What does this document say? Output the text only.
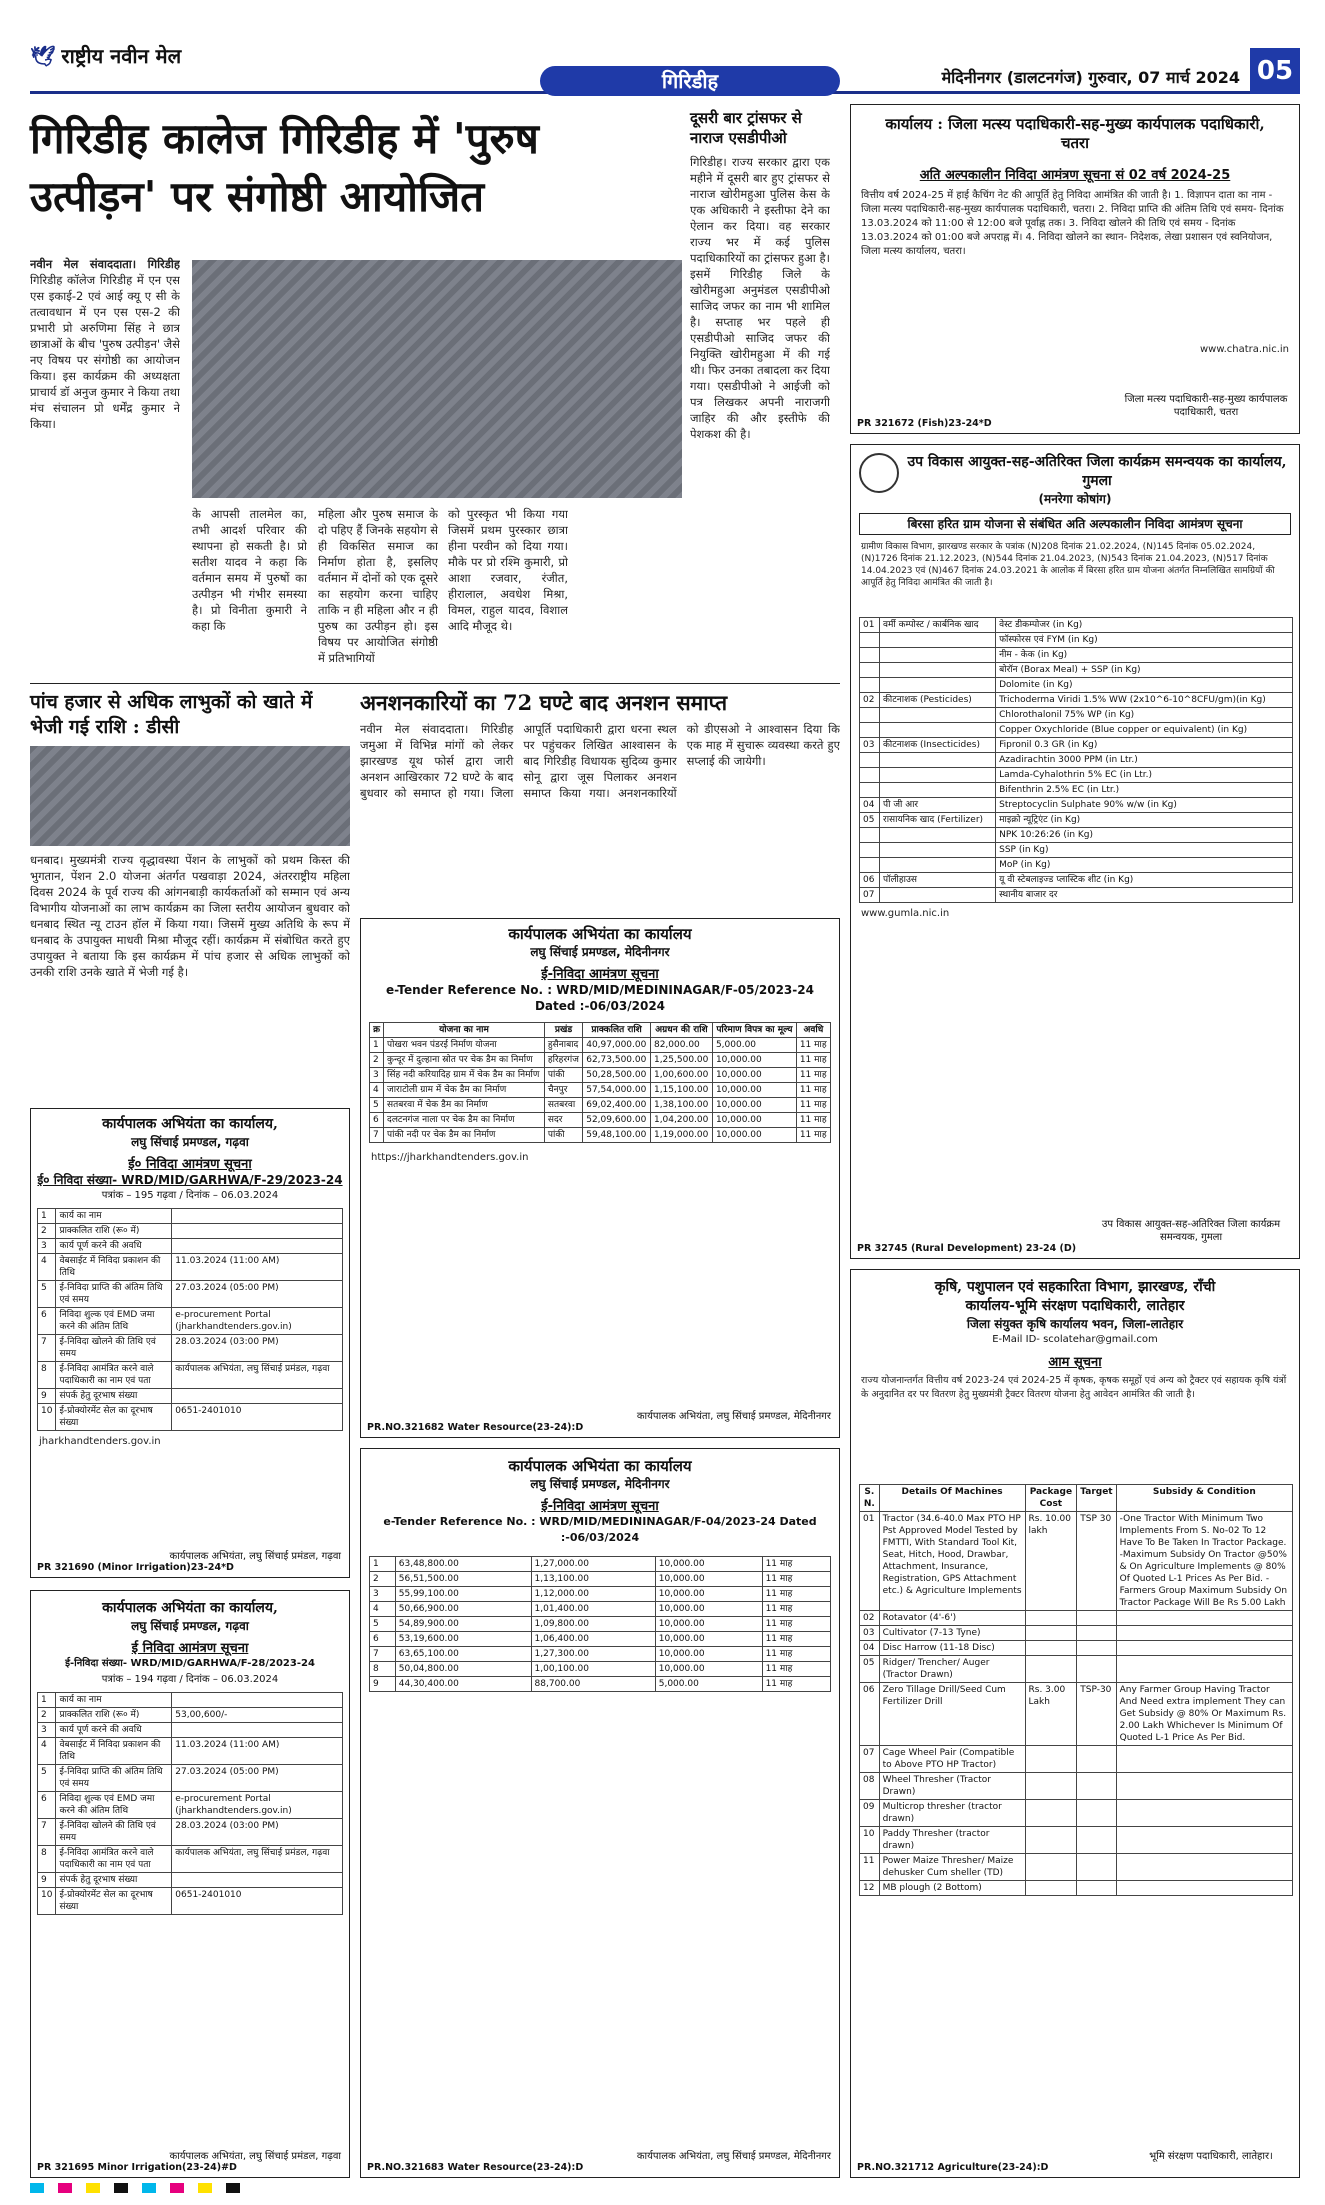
🕊 राष्ट्रीय नवीन मेल
गिरिडीह	मेदिनीनगर (डालटनगंज) गुरुवार, 07 मार्च 2024 05
गिरिडीह कालेज गिरिडीह में 'पुरुष उत्पीड़न' पर संगोष्ठी आयोजित
नवीन मेल संवाददाता। गिरिडीह गिरिडीह कॉलेज गिरिडीह में एन एस एस इकाई-2 एवं आई क्यू ए सी के तत्वावधान में एन एस एस-2 की प्रभारी प्रो अरुणिमा सिंह ने छात्र छात्राओं के बीच 'पुरुष उत्पीड़न' जैसे नए विषय पर संगोष्ठी का आयोजन किया। इस कार्यक्रम की अध्यक्षता प्राचार्य डॉ अनुज कुमार ने किया तथा मंच संचालन प्रो धर्मेंद्र कुमार ने किया।
के आपसी तालमेल का, तभी आदर्श परिवार की स्थापना हो सकती है। प्रो सतीश यादव ने कहा कि वर्तमान समय में पुरुषों का उत्पीड़न भी गंभीर समस्या है। प्रो विनीता कुमारी ने कहा कि
महिला और पुरुष समाज के दो पहिए हैं जिनके सहयोग से ही विकसित समाज का निर्माण होता है, इसलिए वर्तमान में दोनों को एक दूसरे का सहयोग करना चाहिए ताकि न ही महिला और न ही पुरुष का उत्पीड़न हो। इस विषय पर आयोजित संगोष्ठी में प्रतिभागियों
को पुरस्कृत भी किया गया जिसमें प्रथम पुरस्कार छात्रा हीना परवीन को दिया गया। मौके पर प्रो रश्मि कुमारी, प्रो आशा रजवार, रंजीत, हीरालाल, अवधेश मिश्रा, विमल, राहुल यादव, विशाल आदि मौजूद थे।
दूसरी बार ट्रांसफर से नाराज एसडीपीओ
गिरिडीह। राज्य सरकार द्वारा एक महीने में दूसरी बार हुए ट्रांसफर से नाराज खोरीमहुआ पुलिस केस के एक अधिकारी ने इस्तीफा देने का ऐलान कर दिया। वह सरकार राज्य भर में कई पुलिस पदाधिकारियों का ट्रांसफर हुआ है। इसमें गिरिडीह जिले के खोरीमहुआ अनुमंडल एसडीपीओ साजिद जफर का नाम भी शामिल है। सप्ताह भर पहले ही एसडीपीओ साजिद जफर की नियुक्ति खोरीमहुआ में की गई थी। फिर उनका तबादला कर दिया गया। एसडीपीओ ने आईजी को पत्र लिखकर अपनी नाराजगी जाहिर की और इस्तीफे की पेशकश की है।
पांच हजार से अधिक लाभुकों को खाते में भेजी गई राशि : डीसी
धनबाद। मुख्यमंत्री राज्य वृद्धावस्था पेंशन के लाभुकों को प्रथम किस्त की भुगतान, पेंशन 2.0 योजना अंतर्गत पखवाड़ा 2024, अंतरराष्ट्रीय महिला दिवस 2024 के पूर्व राज्य की आंगनबाड़ी कार्यकर्ताओं को सम्मान एवं अन्य विभागीय योजनाओं का लाभ कार्यक्रम का जिला स्तरीय आयोजन बुधवार को धनबाद स्थित न्यू टाउन हॉल में किया गया। जिसमें मुख्य अतिथि के रूप में धनबाद के उपायुक्त माधवी मिश्रा मौजूद रहीं। कार्यक्रम में संबोधित करते हुए उपायुक्त ने बताया कि इस कार्यक्रम में पांच हजार से अधिक लाभुकों को उनकी राशि उनके खाते में भेजी गई है।
अनशनकारियों का 72 घण्टे बाद अनशन समाप्त
नवीन मेल संवाददाता। गिरिडीह जमुआ में विभिन्न मांगों को लेकर झारखण्ड यूथ फोर्स द्वारा जारी अनशन आखिरकार 72 घण्टे के बाद बुधवार को समाप्त हो गया। जिला आपूर्ति पदाधिकारी द्वारा धरना स्थल पर पहुंचकर लिखित आश्वासन के बाद गिरिडीह विधायक सुदिव्य कुमार सोनू द्वारा जूस पिलाकर अनशन समाप्त किया गया। अनशनकारियों को डीएसओ ने आश्वासन दिया कि एक माह में सुचारू व्यवस्था करते हुए सप्लाई की जायेगी।
कार्यपालक अभियंता का कार्यालय,
लघु सिंचाई प्रमण्डल, गढ़वा
ई० निविदा आमंत्रण सूचना
ई० निविदा संख्या- WRD/MID/GARHWA/F-29/2023-24
पत्रांक – 195 गढ़वा / दिनांक – 06.03.2024
1	कार्य का नाम	
2	प्राक्कलित राशि (रू० में)	
3	कार्य पूर्ण करने की अवधि	
4	वेबसाईट में निविदा प्रकाशन की तिथि	11.03.2024 (11:00 AM)
5	ई-निविदा प्राप्ति की अंतिम तिथि एवं समय	27.03.2024 (05:00 PM)
6	निविदा शुल्क एवं EMD जमा करने की अंतिम तिथि	e-procurement Portal (jharkhandtenders.gov.in)
7	ई-निविदा खोलने की तिथि एवं समय	28.03.2024 (03:00 PM)
8	ई-निविदा आमंत्रित करने वाले पदाधिकारी का नाम एवं पता	कार्यपालक अभियंता, लघु सिंचाई प्रमंडल, गढ़वा
9	संपर्क हेतु दूरभाष संख्या	
10	ई-प्रोक्योरमेंट सेल का दूरभाष संख्या	0651-2401010
jharkhandtenders.gov.in
कार्यपालक अभियंता, लघु सिंचाई प्रमंडल, गढ़वा
PR 321690 (Minor Irrigation)23-24*D
कार्यपालक अभियंता का कार्यालय,
लघु सिंचाई प्रमण्डल, गढ़वा
ई निविदा आमंत्रण सूचना
ई-निविदा संख्या- WRD/MID/GARHWA/F-28/2023-24
पत्रांक – 194 गढ़वा / दिनांक – 06.03.2024
1	कार्य का नाम	
2	प्राक्कलित राशि (रू० में)	53,00,600/-
3	कार्य पूर्ण करने की अवधि	
4	वेबसाईट में निविदा प्रकाशन की तिथि	11.03.2024 (11:00 AM)
5	ई-निविदा प्राप्ति की अंतिम तिथि एवं समय	27.03.2024 (05:00 PM)
6	निविदा शुल्क एवं EMD जमा करने की अंतिम तिथि	e-procurement Portal (jharkhandtenders.gov.in)
7	ई-निविदा खोलने की तिथि एवं समय	28.03.2024 (03:00 PM)
8	ई-निविदा आमंत्रित करने वाले पदाधिकारी का नाम एवं पता	कार्यपालक अभियंता, लघु सिंचाई प्रमंडल, गढ़वा
9	संपर्क हेतु दूरभाष संख्या	
10	ई-प्रोक्योरमेंट सेल का दूरभाष संख्या	0651-2401010
कार्यपालक अभियंता, लघु सिंचाई प्रमंडल, गढ़वा
PR 321695 Minor Irrigation(23-24)#D
कार्यपालक अभियंता का कार्यालय
लघु सिंचाई प्रमण्डल, मेदिनीनगर
ई-निविदा आमंत्रण सूचना
e-Tender Reference No. : WRD/MID/MEDININAGAR/F-05/2023-24
Dated :-06/03/2024
क्र	योजना का नाम	प्रखंड	प्राक्कलित राशि	अग्रधन की राशि	परिमाण विपत्र का मूल्य	अवधि
1	पोखरा भवन पंडरई निर्माण योजना	हुसैनाबाद	40,97,000.00	82,000.00	5,000.00	11 माह
2	कुन्दूर में दुल्हाना स्रोत पर चेक डैम का निर्माण	हरिहरगंज	62,73,500.00	1,25,500.00	10,000.00	11 माह
3	सिंह नदी करियादिह ग्राम में चेक डैम का निर्माण	पांकी	50,28,500.00	1,00,600.00	10,000.00	11 माह
4	जाराटोली ग्राम में चेक डैम का निर्माण	चैनपुर	57,54,000.00	1,15,100.00	10,000.00	11 माह
5	सतबरवा में चेक डैम का निर्माण	सतबरवा	69,02,400.00	1,38,100.00	10,000.00	11 माह
6	दलटनगंज नाला पर चेक डैम का निर्माण	सदर	52,09,600.00	1,04,200.00	10,000.00	11 माह
7	पांकी नदी पर चेक डैम का निर्माण	पांकी	59,48,100.00	1,19,000.00	10,000.00	11 माह
https://jharkhandtenders.gov.in
कार्यपालक अभियंता, लघु सिंचाई प्रमण्डल, मेदिनीनगर
PR.NO.321682 Water Resource(23-24):D
कार्यपालक अभियंता का कार्यालय
लघु सिंचाई प्रमण्डल, मेदिनीनगर
ई-निविदा आमंत्रण सूचना
e-Tender Reference No. : WRD/MID/MEDININAGAR/F-04/2023-24 Dated :-06/03/2024
1	63,48,800.00	1,27,000.00	10,000.00	11 माह
2	56,51,500.00	1,13,100.00	10,000.00	11 माह
3	55,99,100.00	1,12,000.00	10,000.00	11 माह
4	50,66,900.00	1,01,400.00	10,000.00	11 माह
5	54,89,900.00	1,09,800.00	10,000.00	11 माह
6	53,19,600.00	1,06,400.00	10,000.00	11 माह
7	63,65,100.00	1,27,300.00	10,000.00	11 माह
8	50,04,800.00	1,00,100.00	10,000.00	11 माह
9	44,30,400.00	88,700.00	5,000.00	11 माह
कार्यपालक अभियंता, लघु सिंचाई प्रमण्डल, मेदिनीनगर
PR.NO.321683 Water Resource(23-24):D
कार्यालय : जिला मत्स्य पदाधिकारी-सह-मुख्य कार्यपालक पदाधिकारी, चतरा
अति अल्पकालीन निविदा आमंत्रण सूचना सं 02 वर्ष 2024-25
वित्तीय वर्ष 2024-25 में हाई कैचिंग नेट की आपूर्ति हेतु निविदा आमंत्रित की जाती है। 1. विज्ञापन दाता का नाम - जिला मत्स्य पदाधिकारी-सह-मुख्य कार्यपालक पदाधिकारी, चतरा। 2. निविदा प्राप्ति की अंतिम तिथि एवं समय- दिनांक 13.03.2024 को 11:00 से 12:00 बजे पूर्वाह्न तक। 3. निविदा खोलने की तिथि एवं समय - दिनांक 13.03.2024 को 01:00 बजे अपराह्न में। 4. निविदा खोलने का स्थान- निदेशक, लेखा प्रशासन एवं स्वनियोजन, जिला मत्स्य कार्यालय, चतरा।
www.chatra.nic.in
जिला मत्स्य पदाधिकारी-सह-मुख्य कार्यपालक पदाधिकारी, चतरा
PR 321672 (Fish)23-24*D
उप विकास आयुक्त-सह-अतिरिक्त जिला कार्यक्रम समन्वयक का कार्यालय, गुमला
(मनरेगा कोषांग)
बिरसा हरित ग्राम योजना से संबंधित अति अल्पकालीन निविदा आमंत्रण सूचना
ग्रामीण विकास विभाग, झारखण्ड सरकार के पत्रांक (N)208 दिनांक 21.02.2024, (N)145 दिनांक 05.02.2024, (N)1726 दिनांक 21.12.2023, (N)544 दिनांक 21.04.2023, (N)543 दिनांक 21.04.2023, (N)517 दिनांक 14.04.2023 एवं (N)467 दिनांक 24.03.2021 के आलोक में बिरसा हरित ग्राम योजना अंतर्गत निम्नलिखित सामग्रियों की आपूर्ति हेतु निविदा आमंत्रित की जाती है।
01	वर्मी कम्पोस्ट / कार्बनिक खाद	वेस्ट डीकम्पोजर (in Kg)
		फॉस्फोरस एवं FYM (in Kg)
		नीम - केक (in Kg)
		बोरॉन (Borax Meal) + SSP (in Kg)
		Dolomite (in Kg)
02	कीटनाशक (Pesticides)	Trichoderma Viridi 1.5% WW (2x10^6-10^8CFU/gm)(in Kg)
		Chlorothalonil 75% WP (in Kg)
		Copper Oxychloride (Blue copper or equivalent) (in Kg)
03	कीटनाशक (Insecticides)	Fipronil 0.3 GR (in Kg)
		Azadirachtin 3000 PPM (in Ltr.)
		Lamda-Cyhalothrin 5% EC (in Ltr.)
		Bifenthrin 2.5% EC (in Ltr.)
04	पी जी आर	Streptocyclin Sulphate 90% w/w (in Kg)
05	रासायनिक खाद (Fertilizer)	माइक्रो न्यूट्रिएंट (in Kg)
		NPK 10:26:26 (in Kg)
		SSP (in Kg)
		MoP (in Kg)
06	पॉलीहाउस	यू वी स्टेबलाइज्ड प्लास्टिक शीट (in Kg)
07		स्थानीय बाजार दर
www.gumla.nic.in
उप विकास आयुक्त-सह-अतिरिक्त जिला कार्यक्रम समन्वयक, गुमला
PR 32745 (Rural Development) 23-24 (D)
कृषि, पशुपालन एवं सहकारिता विभाग, झारखण्ड, राँची
कार्यालय-भूमि संरक्षण पदाधिकारी, लातेहार
जिला संयुक्त कृषि कार्यालय भवन, जिला-लातेहार
E-Mail ID- scolatehar@gmail.com
आम सूचना
राज्य योजनान्तर्गत वित्तीय वर्ष 2023-24 एवं 2024-25 में कृषक, कृषक समूहों एवं अन्य को ट्रैक्टर एवं सहायक कृषि यंत्रों के अनुदानित दर पर वितरण हेतु मुख्यमंत्री ट्रैक्टर वितरण योजना हेतु आवेदन आमंत्रित की जाती है।
S. N.	Details Of Machines	Package Cost	Target	Subsidy & Condition
01	Tractor (34.6-40.0 Max PTO HP Pst Approved Model Tested by FMTTI, With Standard Tool Kit, Seat, Hitch, Hood, Drawbar, Attachment, Insurance, Registration, GPS Attachment etc.) & Agriculture Implements	Rs. 10.00 lakh	TSP 30	-One Tractor With Minimum Two Implements From S. No-02 To 12 Have To Be Taken In Tractor Package. -Maximum Subsidy On Tractor @50% & On Agriculture Implements @ 80% Of Quoted L-1 Prices As Per Bid. -Farmers Group Maximum Subsidy On Tractor Package Will Be Rs 5.00 Lakh
02	Rotavator (4'-6')			
03	Cultivator (7-13 Tyne)			
04	Disc Harrow (11-18 Disc)			
05	Ridger/ Trencher/ Auger (Tractor Drawn)			
06	Zero Tillage Drill/Seed Cum Fertilizer Drill	Rs. 3.00 Lakh	TSP-30	Any Farmer Group Having Tractor And Need extra implement They can Get Subsidy @ 80% Or Maximum Rs. 2.00 Lakh Whichever Is Minimum Of Quoted L-1 Price As Per Bid.
07	Cage Wheel Pair (Compatible to Above PTO HP Tractor)			
08	Wheel Thresher (Tractor Drawn)			
09	Multicrop thresher (tractor drawn)			
10	Paddy Thresher (tractor drawn)			
11	Power Maize Thresher/ Maize dehusker Cum sheller (TD)			
12	MB plough (2 Bottom)			
भूमि संरक्षण पदाधिकारी, लातेहार।
PR.NO.321712 Agriculture(23-24):D
